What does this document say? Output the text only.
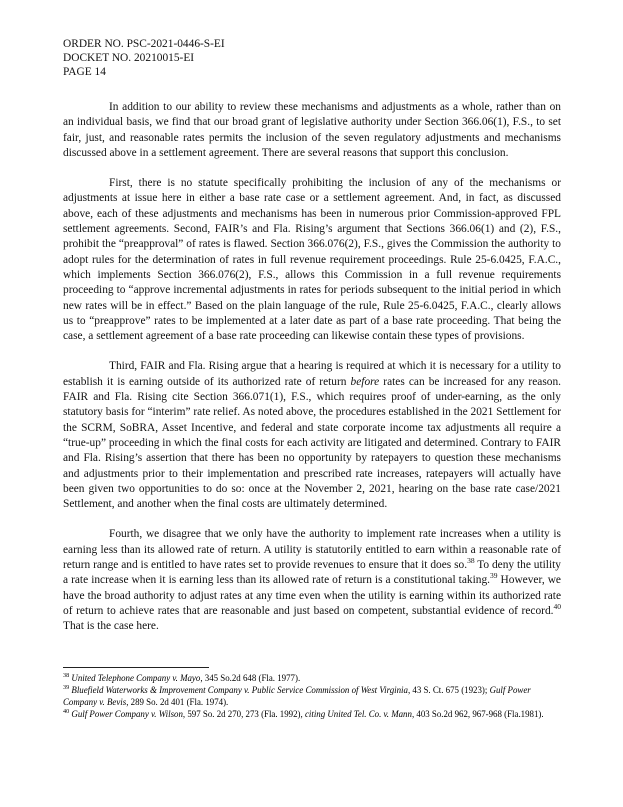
ORDER NO. PSC-2021-0446-S-EI
DOCKET NO. 20210015-EI
PAGE 14

In addition to our ability to review these mechanisms and adjustments as a whole, rather than on an individual basis, we find that our broad grant of legislative authority under Section 366.06(1), F.S., to set fair, just, and reasonable rates permits the inclusion of the seven regulatory adjustments and mechanisms discussed above in a settlement agreement. There are several reasons that support this conclusion.

First, there is no statute specifically prohibiting the inclusion of any of the mechanisms or adjustments at issue here in either a base rate case or a settlement agreement. And, in fact, as discussed above, each of these adjustments and mechanisms has been in numerous prior Commission-approved FPL settlement agreements. Second, FAIR’s and Fla. Rising’s argument that Sections 366.06(1) and (2), F.S., prohibit the “preapproval” of rates is flawed. Section 366.076(2), F.S., gives the Commission the authority to adopt rules for the determination of rates in full revenue requirement proceedings. Rule 25-6.0425, F.A.C., which implements Section 366.076(2), F.S., allows this Commission in a full revenue requirements proceeding to “approve incremental adjustments in rates for periods subsequent to the initial period in which new rates will be in effect.” Based on the plain language of the rule, Rule 25-6.0425, F.A.C., clearly allows us to “preapprove” rates to be implemented at a later date as part of a base rate proceeding. That being the case, a settlement agreement of a base rate proceeding can likewise contain these types of provisions.

Third, FAIR and Fla. Rising argue that a hearing is required at which it is necessary for a utility to establish it is earning outside of its authorized rate of return before rates can be increased for any reason. FAIR and Fla. Rising cite Section 366.071(1), F.S., which requires proof of under-earning, as the only statutory basis for “interim” rate relief. As noted above, the procedures established in the 2021 Settlement for the SCRM, SoBRA, Asset Incentive, and federal and state corporate income tax adjustments all require a “true-up” proceeding in which the final costs for each activity are litigated and determined. Contrary to FAIR and Fla. Rising’s assertion that there has been no opportunity by ratepayers to question these mechanisms and adjustments prior to their implementation and prescribed rate increases, ratepayers will actually have been given two opportunities to do so: once at the November 2, 2021, hearing on the base rate case/2021 Settlement, and another when the final costs are ultimately determined.

Fourth, we disagree that we only have the authority to implement rate increases when a utility is earning less than its allowed rate of return. A utility is statutorily entitled to earn within a reasonable rate of return range and is entitled to have rates set to provide revenues to ensure that it does so.$^{38}$ To deny the utility a rate increase when it is earning less than its allowed rate of return is a constitutional taking.$^{39}$ However, we have the broad authority to adjust rates at any time even when the utility is earning within its authorized rate of return to achieve rates that are reasonable and just based on competent, substantial evidence of record.$^{40}$ That is the case here.

$^{38}$ United Telephone Company v. Mayo, 345 So.2d 648 (Fla. 1977).
$^{39}$ Bluefield Waterworks & Improvement Company v. Public Service Commission of West Virginia, 43 S. Ct. 675 (1923); Gulf Power Company v. Bevis, 289 So. 2d 401 (Fla. 1974).
$^{40}$ Gulf Power Company v. Wilson, 597 So. 2d 270, 273 (Fla. 1992), citing United Tel. Co. v. Mann, 403 So.2d 962, 967-968 (Fla.1981).
